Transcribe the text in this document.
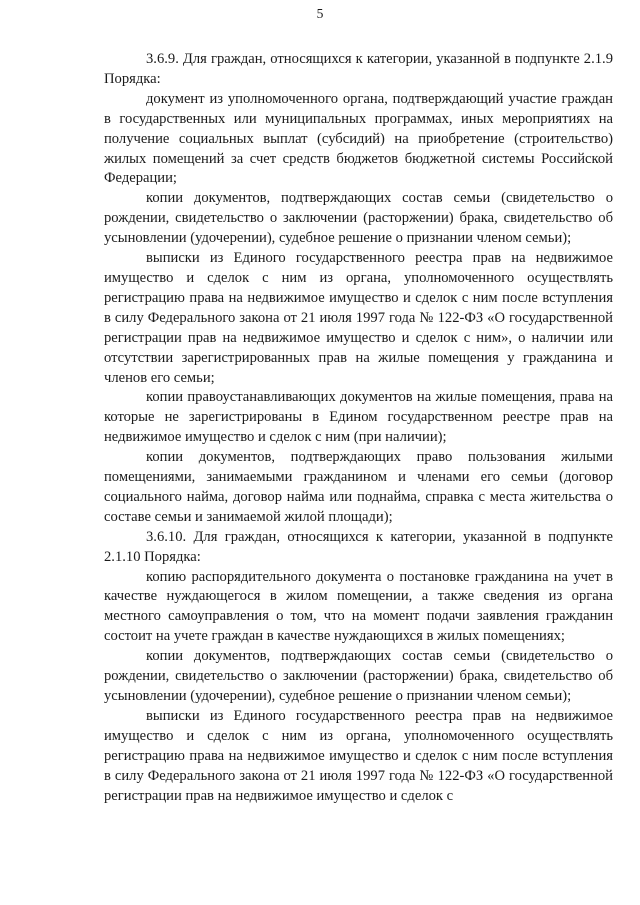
5

3.6.9. Для граждан, относящихся к категории, указанной в подпункте 2.1.9 Порядка:

документ из уполномоченного органа, подтверждающий участие граждан в государственных или муниципальных программах, иных мероприятиях на получение социальных выплат (субсидий) на приобретение (строительство) жилых помещений за счет средств бюджетов бюджетной системы Российской Федерации;

копии документов, подтверждающих состав семьи (свидетельство о рождении, свидетельство о заключении (расторжении) брака, свидетельство об усыновлении (удочерении), судебное решение о признании членом семьи);

выписки из Единого государственного реестра прав на недвижимое имущество и сделок с ним из органа, уполномоченного осуществлять регистрацию права на недвижимое имущество и сделок с ним после вступления в силу Федерального закона от 21 июля 1997 года № 122-ФЗ «О государственной регистрации прав на недвижимое имущество и сделок с ним», о наличии или отсутствии зарегистрированных прав на жилые помещения у гражданина и членов его семьи;

копии правоустанавливающих документов на жилые помещения, права на которые не зарегистрированы в Едином государственном реестре прав на недвижимое имущество и сделок с ним (при наличии);

копии документов, подтверждающих право пользования жилыми помещениями, занимаемыми гражданином и членами его семьи (договор социального найма, договор найма или поднайма, справка с места жительства о составе семьи и занимаемой жилой площади);

3.6.10. Для граждан, относящихся к категории, указанной в подпункте 2.1.10 Порядка:

копию распорядительного документа о постановке гражданина на учет в качестве нуждающегося в жилом помещении, а также сведения из органа местного самоуправления о том, что на момент подачи заявления гражданин состоит на учете граждан в качестве нуждающихся в жилых помещениях;

копии документов, подтверждающих состав семьи (свидетельство о рождении, свидетельство о заключении (расторжении) брака, свидетельство об усыновлении (удочерении), судебное решение о признании членом семьи);

выписки из Единого государственного реестра прав на недвижимое имущество и сделок с ним из органа, уполномоченного осуществлять регистрацию права на недвижимое имущество и сделок с ним после вступления в силу Федерального закона от 21 июля 1997 года № 122-ФЗ «О государственной регистрации прав на недвижимое имущество и сделок с
